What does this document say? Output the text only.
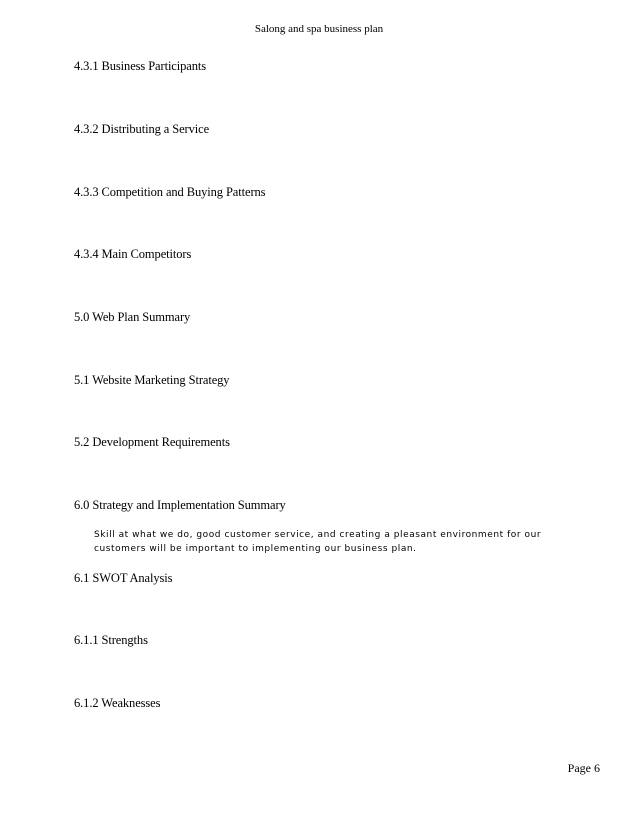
Salong and spa business plan
4.3.1 Business Participants
4.3.2 Distributing a Service
4.3.3 Competition and Buying Patterns
4.3.4 Main Competitors
5.0 Web Plan Summary
5.1 Website Marketing Strategy
5.2 Development Requirements
6.0 Strategy and Implementation Summary

Skill at what we do, good customer service, and creating a pleasant environment for our
customers will be important to implementing our business plan.

6.1 SWOT Analysis
6.1.1 Strengths
6.1.2 Weaknesses
Page 6
